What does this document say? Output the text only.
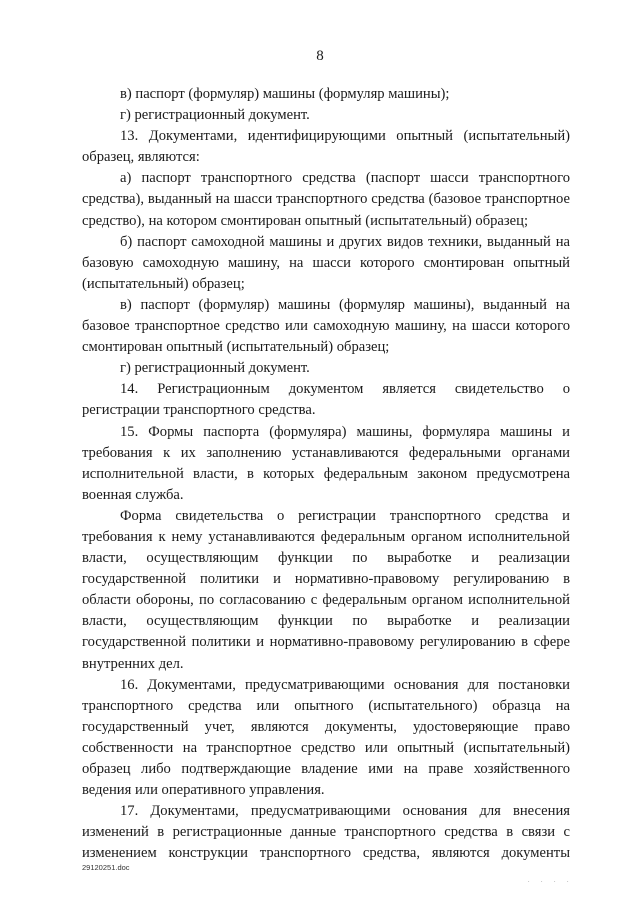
8

в) паспорт (формуляр) машины (формуляр машины);

г) регистрационный документ.

13. Документами, идентифицирующими опытный (испытательный) образец, являются:

а) паспорт транспортного средства (паспорт шасси транспортного средства), выданный на шасси транспортного средства (базовое транспортное средство), на котором смонтирован опытный (испытательный) образец;

б) паспорт самоходной машины и других видов техники, выданный на базовую самоходную машину, на шасси которого смонтирован опытный (испытательный) образец;

в) паспорт (формуляр) машины (формуляр машины), выданный на базовое транспортное средство или самоходную машину, на шасси которого смонтирован опытный (испытательный) образец;

г) регистрационный документ.

14. Регистрационным документом является свидетельство о регистрации транспортного средства.

15. Формы паспорта (формуляра) машины, формуляра машины и требования к их заполнению устанавливаются федеральными органами исполнительной власти, в которых федеральным законом предусмотрена военная служба.

Форма свидетельства о регистрации транспортного средства и требования к нему устанавливаются федеральным органом исполнительной власти, осуществляющим функции по выработке и реализации государственной политики и нормативно-правовому регулированию в области обороны, по согласованию с федеральным органом исполнительной власти, осуществляющим функции по выработке и реализации государственной политики и нормативно-правовому регулированию в сфере внутренних дел.

16. Документами, предусматривающими основания для постановки транспортного средства или опытного (испытательного) образца на государственный учет, являются документы, удостоверяющие право собственности на транспортное средство или опытный (испытательный) образец либо подтверждающие владение ими на праве хозяйственного ведения или оперативного управления.

17. Документами, предусматривающими основания для внесения изменений в регистрационные данные транспортного средства в связи с изменением конструкции транспортного средства, являются документы

29120251.doc
. . . .
